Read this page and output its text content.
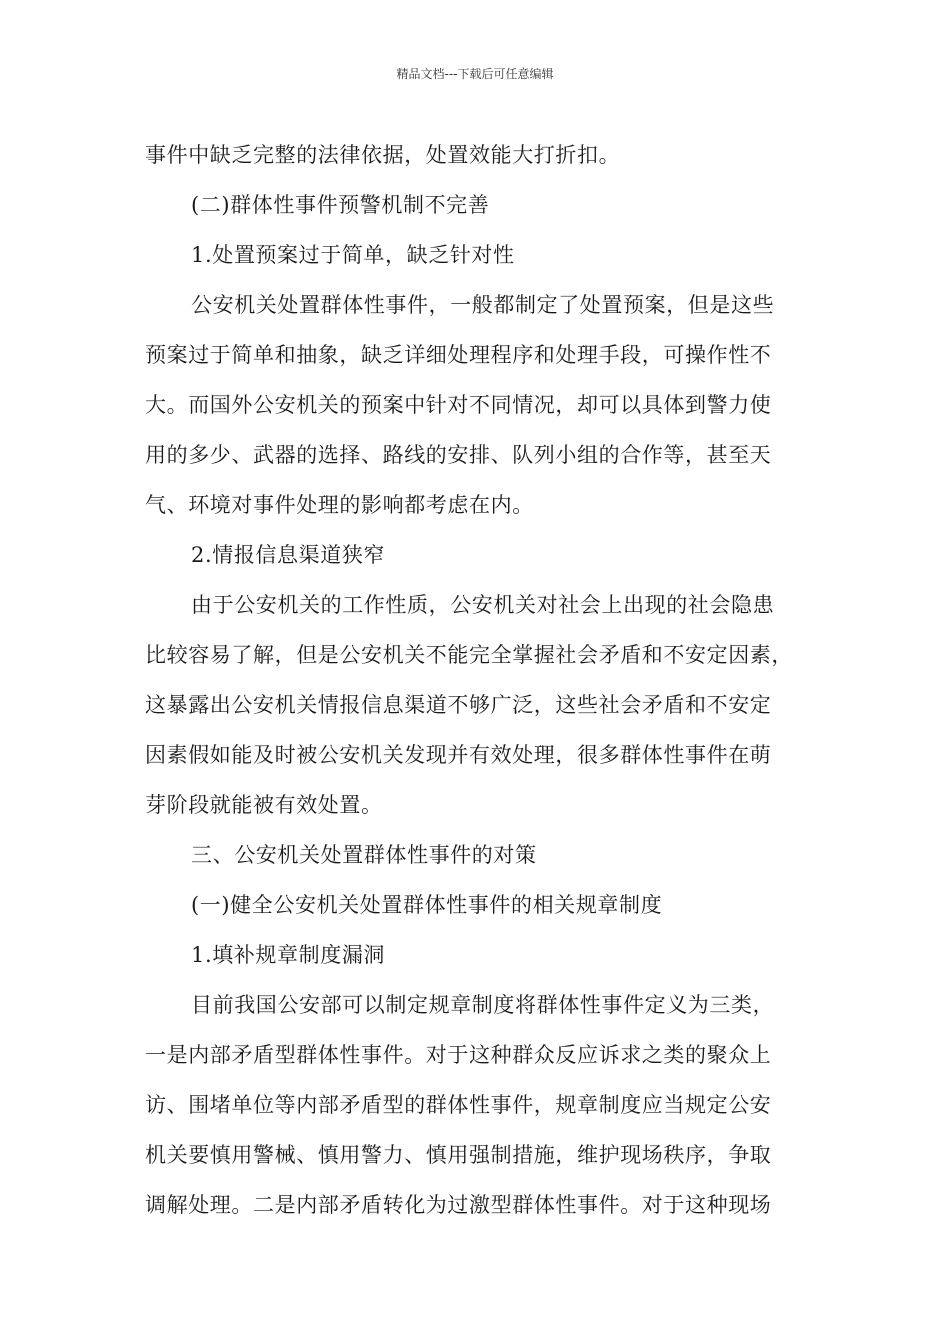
精品文档---下载后可任意编辑
事件中缺乏完整的法律依据，处置效能大打折扣。
(二)群体性事件预警机制不完善
1.处置预案过于简单，缺乏针对性
公安机关处置群体性事件，一般都制定了处置预案，但是这些
预案过于简单和抽象，缺乏详细处理程序和处理手段，可操作性不
大。而国外公安机关的预案中针对不同情况，却可以具体到警力使
用的多少、武器的选择、路线的安排、队列小组的合作等，甚至天
气、环境对事件处理的影响都考虑在内。
2.情报信息渠道狭窄
由于公安机关的工作性质，公安机关对社会上出现的社会隐患
比较容易了解，但是公安机关不能完全掌握社会矛盾和不安定因素，
这暴露出公安机关情报信息渠道不够广泛，这些社会矛盾和不安定
因素假如能及时被公安机关发现并有效处理，很多群体性事件在萌
芽阶段就能被有效处置。
三、公安机关处置群体性事件的对策
(一)健全公安机关处置群体性事件的相关规章制度
1.填补规章制度漏洞
目前我国公安部可以制定规章制度将群体性事件定义为三类，
一是内部矛盾型群体性事件。对于这种群众反应诉求之类的聚众上
访、围堵单位等内部矛盾型的群体性事件，规章制度应当规定公安
机关要慎用警械、慎用警力、慎用强制措施，维护现场秩序，争取
调解处理。二是内部矛盾转化为过激型群体性事件。对于这种现场
